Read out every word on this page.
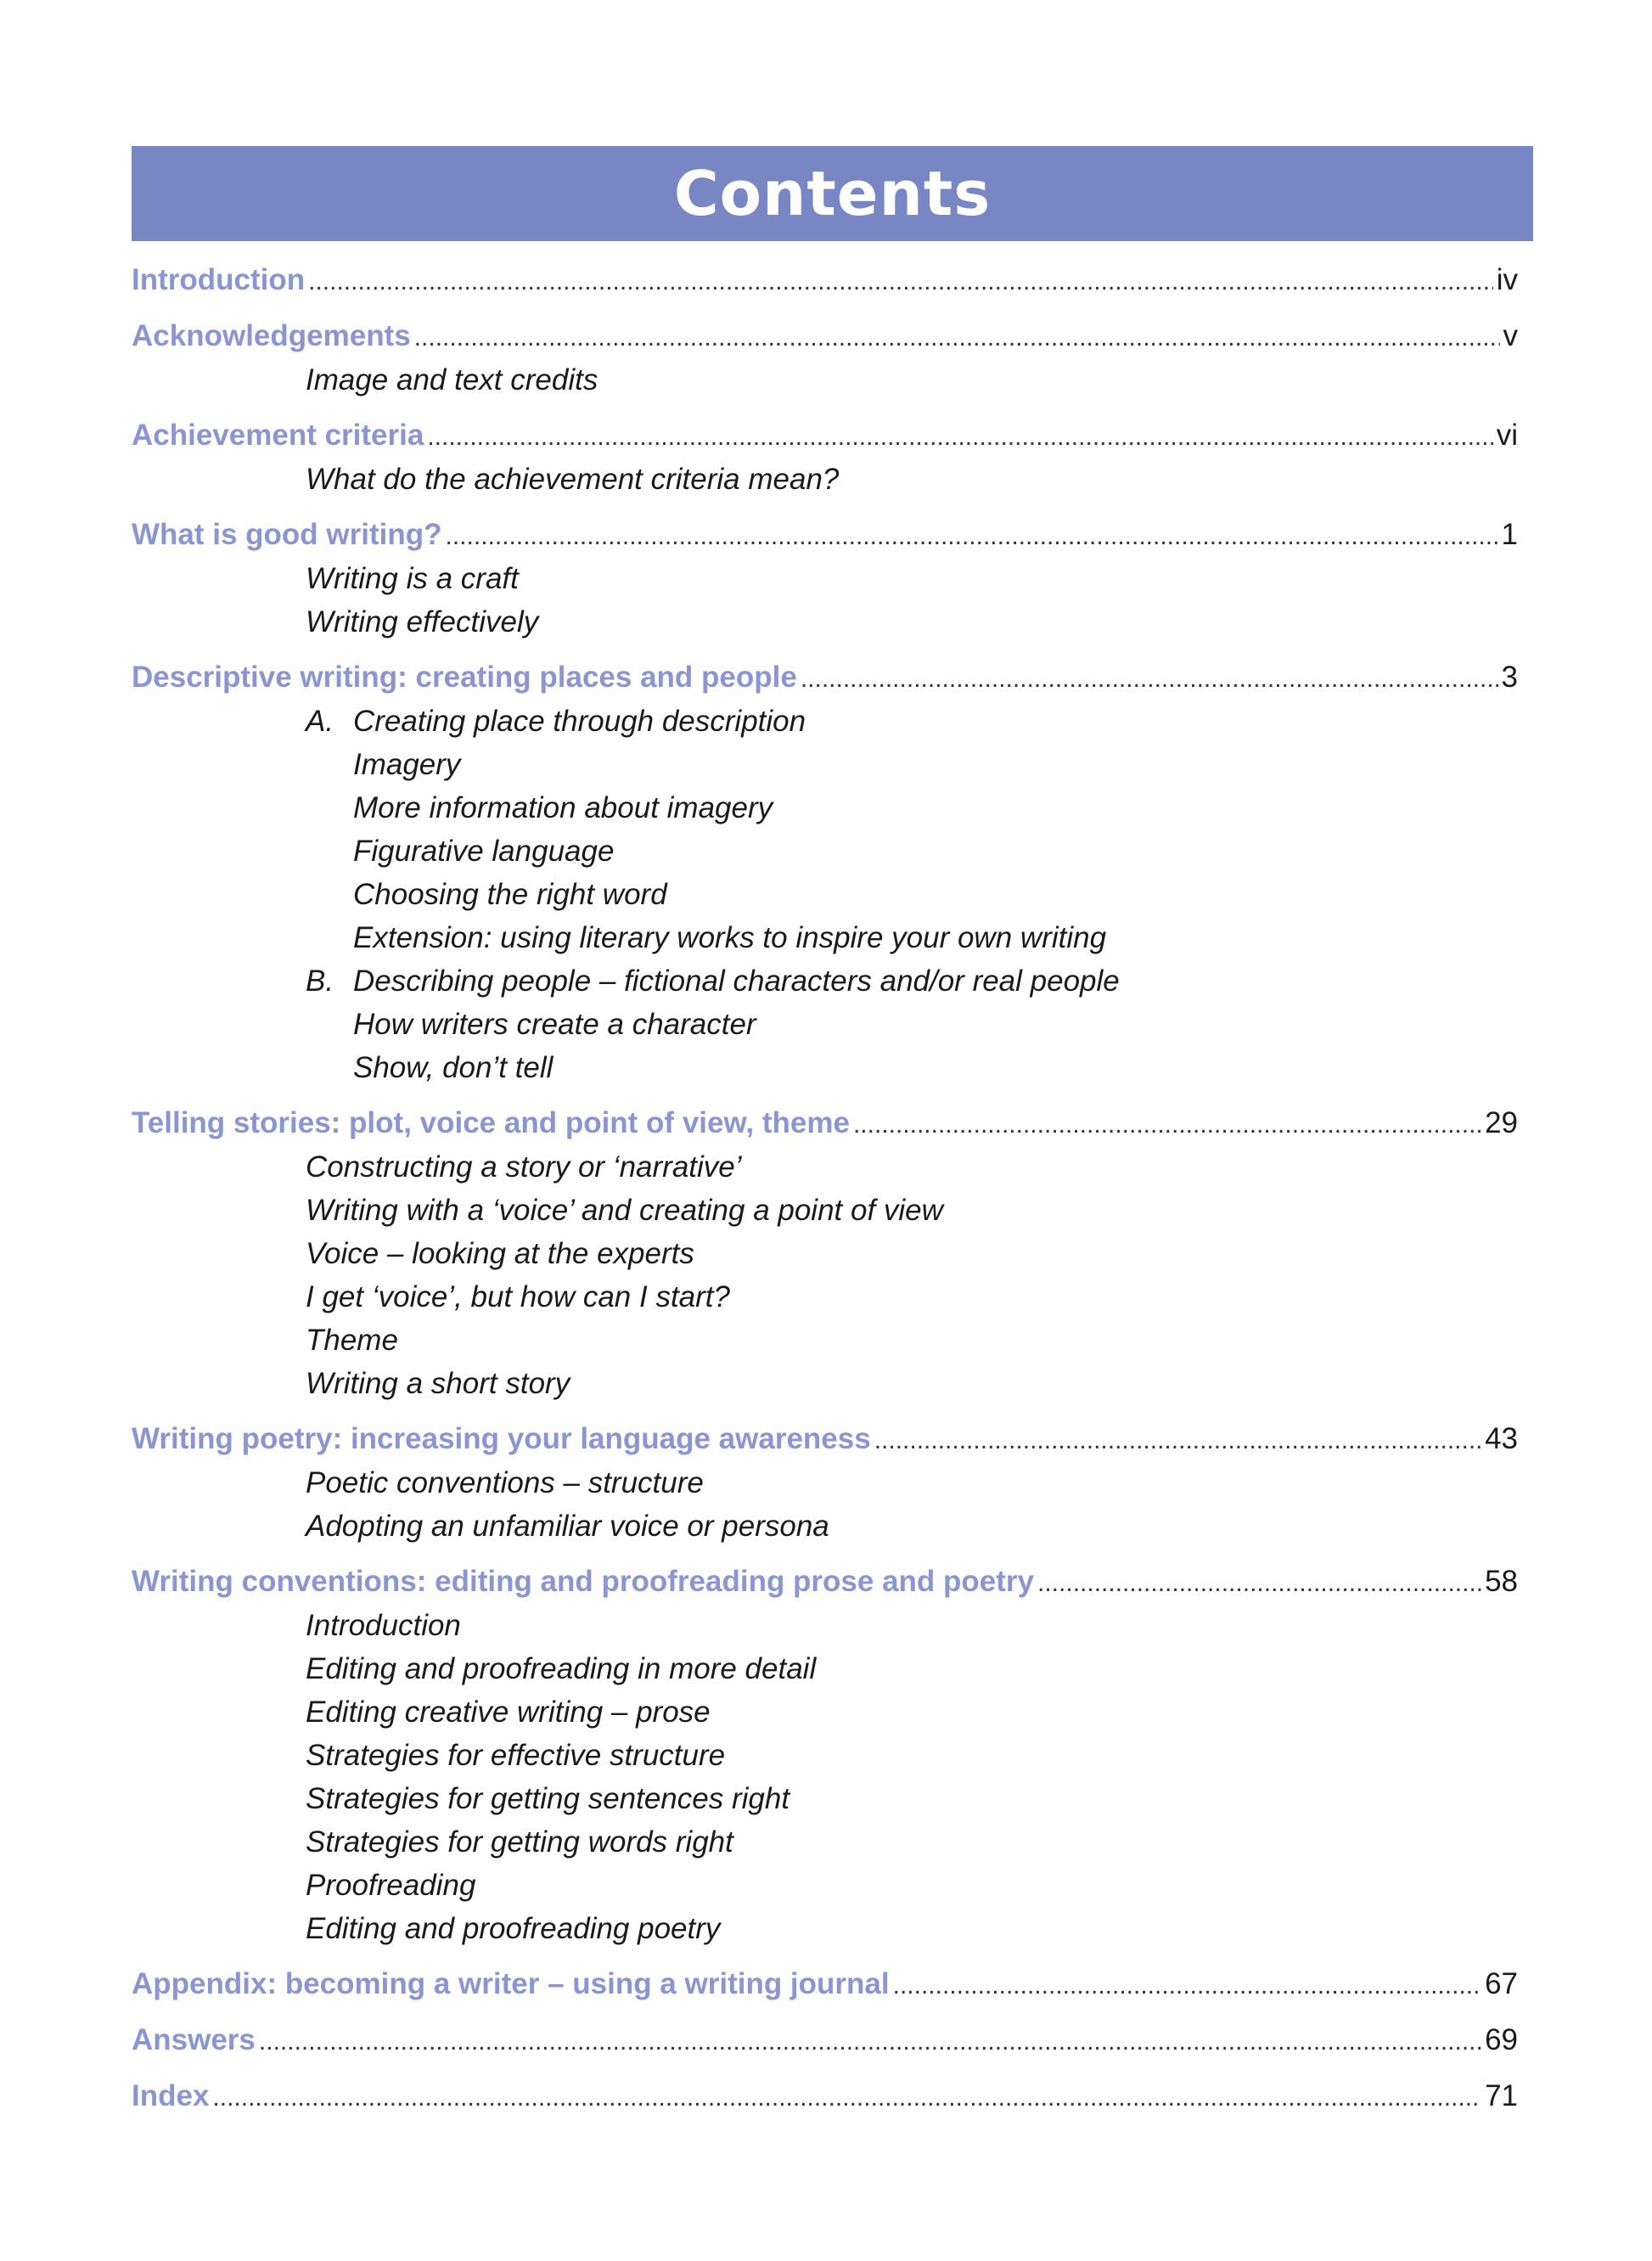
Contents
Introduction .....	iv
Acknowledgements .....	v
Image and text credits
Achievement criteria .....	vi
What do the achievement criteria mean?
What is good writing? .....	1
Writing is a craft
Writing effectively
Descriptive writing: creating places and people .....	3
A. Creating place through description
Imagery
More information about imagery
Figurative language
Choosing the right word
Extension: using literary works to inspire your own writing
B. Describing people – fictional characters and/or real people
How writers create a character
Show, don’t tell
Telling stories: plot, voice and point of view, theme .....	29
Constructing a story or ‘narrative’
Writing with a ‘voice’ and creating a point of view
Voice – looking at the experts
I get ‘voice’, but how can I start?
Theme
Writing a short story
Writing poetry: increasing your language awareness .....	43
Poetic conventions – structure
Adopting an unfamiliar voice or persona
Writing conventions: editing and proofreading prose and poetry .....	58
Introduction
Editing and proofreading in more detail
Editing creative writing – prose
Strategies for effective structure
Strategies for getting sentences right
Strategies for getting words right
Proofreading
Editing and proofreading poetry
Appendix: becoming a writer – using a writing journal .....	67
Answers .....	69
Index .....	71
